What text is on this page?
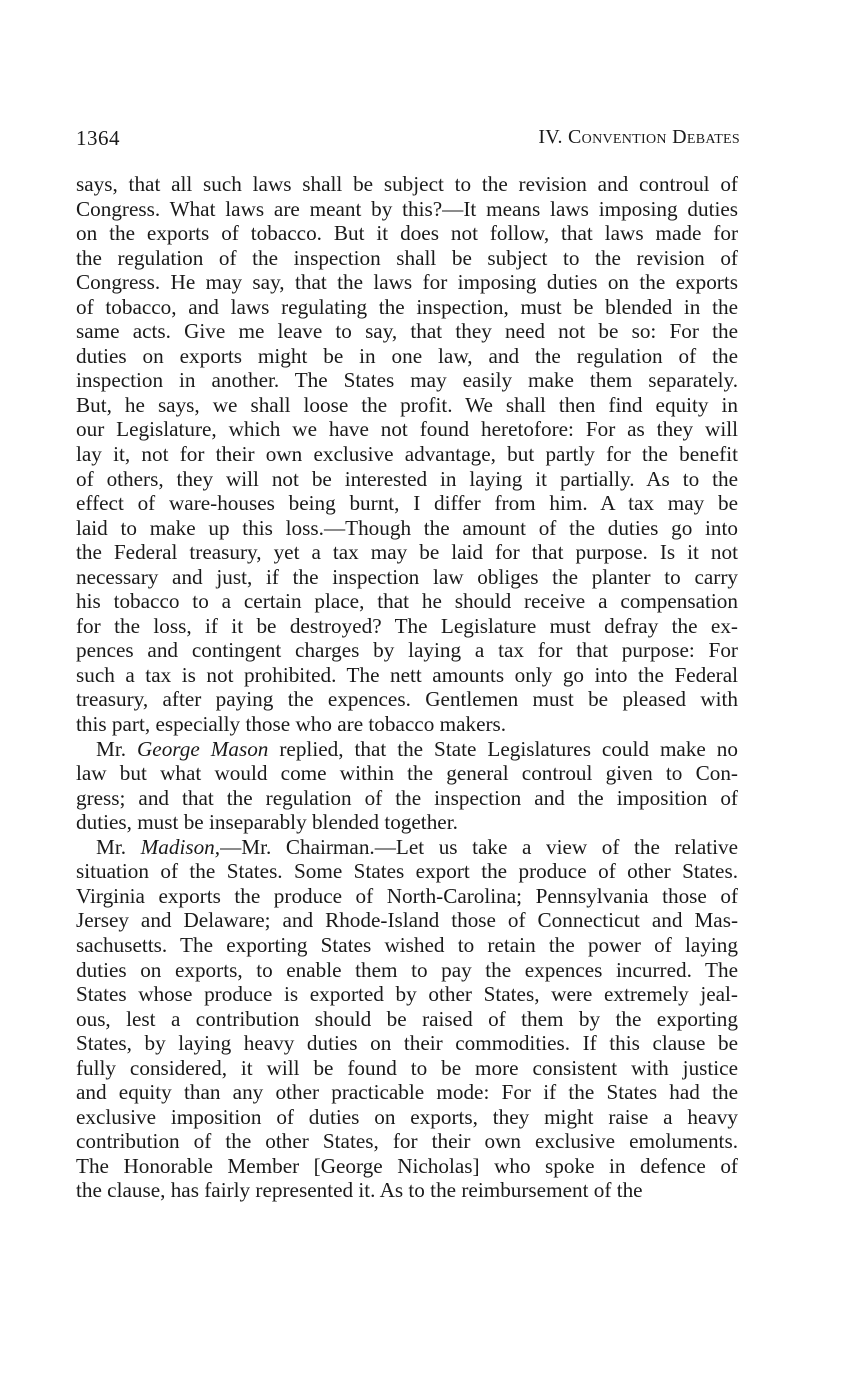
1364	IV. Convention Debates
says, that all such laws shall be subject to the revision and controul of
Congress. What laws are meant by this?—It means laws imposing duties
on the exports of tobacco. But it does not follow, that laws made for
the regulation of the inspection shall be subject to the revision of
Congress. He may say, that the laws for imposing duties on the exports
of tobacco, and laws regulating the inspection, must be blended in the
same acts. Give me leave to say, that they need not be so: For the
duties on exports might be in one law, and the regulation of the
inspection in another. The States may easily make them separately.
But, he says, we shall loose the profit. We shall then find equity in
our Legislature, which we have not found heretofore: For as they will
lay it, not for their own exclusive advantage, but partly for the benefit
of others, they will not be interested in laying it partially. As to the
effect of ware-houses being burnt, I differ from him. A tax may be
laid to make up this loss.—Though the amount of the duties go into
the Federal treasury, yet a tax may be laid for that purpose. Is it not
necessary and just, if the inspection law obliges the planter to carry
his tobacco to a certain place, that he should receive a compensation
for the loss, if it be destroyed? The Legislature must defray the ex-
pences and contingent charges by laying a tax for that purpose: For
such a tax is not prohibited. The nett amounts only go into the Federal
treasury, after paying the expences. Gentlemen must be pleased with
this part, especially those who are tobacco makers.
Mr. George Mason replied, that the State Legislatures could make no
law but what would come within the general controul given to Con-
gress; and that the regulation of the inspection and the imposition of
duties, must be inseparably blended together.
Mr. Madison,—Mr. Chairman.—Let us take a view of the relative
situation of the States. Some States export the produce of other States.
Virginia exports the produce of North-Carolina; Pennsylvania those of
Jersey and Delaware; and Rhode-Island those of Connecticut and Mas-
sachusetts. The exporting States wished to retain the power of laying
duties on exports, to enable them to pay the expences incurred. The
States whose produce is exported by other States, were extremely jeal-
ous, lest a contribution should be raised of them by the exporting
States, by laying heavy duties on their commodities. If this clause be
fully considered, it will be found to be more consistent with justice
and equity than any other practicable mode: For if the States had the
exclusive imposition of duties on exports, they might raise a heavy
contribution of the other States, for their own exclusive emoluments.
The Honorable Member [George Nicholas] who spoke in defence of
the clause, has fairly represented it. As to the reimbursement of the
